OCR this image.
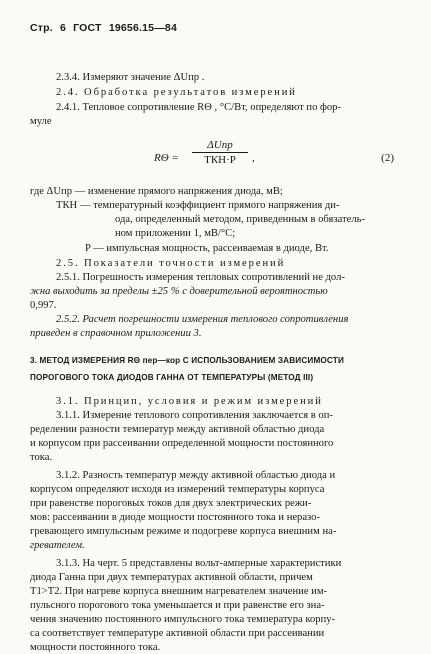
Стр. 6 ГОСТ 19656.15—84
2.3.4. Измеряют значение ΔUпр .
2.4. Обработка результатов измерений
2.4.1. Тепловое сопротивление RΘ , °С/Вт, определяют по фор-
муле
RΘ =
ΔUпр
ТКН·P	,	(2)
где ΔUпр — изменение прямого напряжения диода, мВ;
ТКН — температурный коэффициент прямого напряжения ди-
ода, определенный методом, приведенным в обязатель-
ном приложении 1, мВ/°С;
P — импульсная мощность, рассеиваемая в диоде, Вт.
2.5. Показатели точности измерений
2.5.1. Погрешность измерения тепловых сопротивлений не дол-
жна выходить за пределы ±25 % с доверительной вероятностью
0,997.
2.5.2. Расчет погрешности измерения теплового сопротивления
приведен в справочном приложении 3.
3. МЕТОД ИЗМЕРЕНИЯ RΘ пер—кор С ИСПОЛЬЗОВАНИЕМ ЗАВИСИМОСТИ
ПОРОГОВОГО ТОКА ДИОДОВ ГАННА ОТ ТЕМПЕРАТУРЫ (МЕТОД III)
3.1. Принцип, условия и режим измерений
3.1.1. Измерение теплового сопротивления заключается в оп-
ределении разности температур между активной областью диода
и корпусом при рассеивании определенной мощности постоянного
тока.
3.1.2. Разность температур между активной областью диода и
корпусом определяют исходя из измерений температуры корпуса
при равенстве пороговых токов для двух электрических режи-
мов: рассеивании в диоде мощности постоянного тока и неразо-
гревающего импульсным режиме и подогреве корпуса внешним на-
гревателем.
3.1.3. На черт. 5 представлены вольт-амперные характеристики
диода Ганна при двух температурах активной области, причем
T1>T2. При нагреве корпуса внешним нагревателем значение им-
пульсного порогового тока уменьшается и при равенстве его зна-
чения значению постоянного импульсного тока температура корпу-
са соответствует температуре активной области при рассеивании
мощности постоянного тока.
